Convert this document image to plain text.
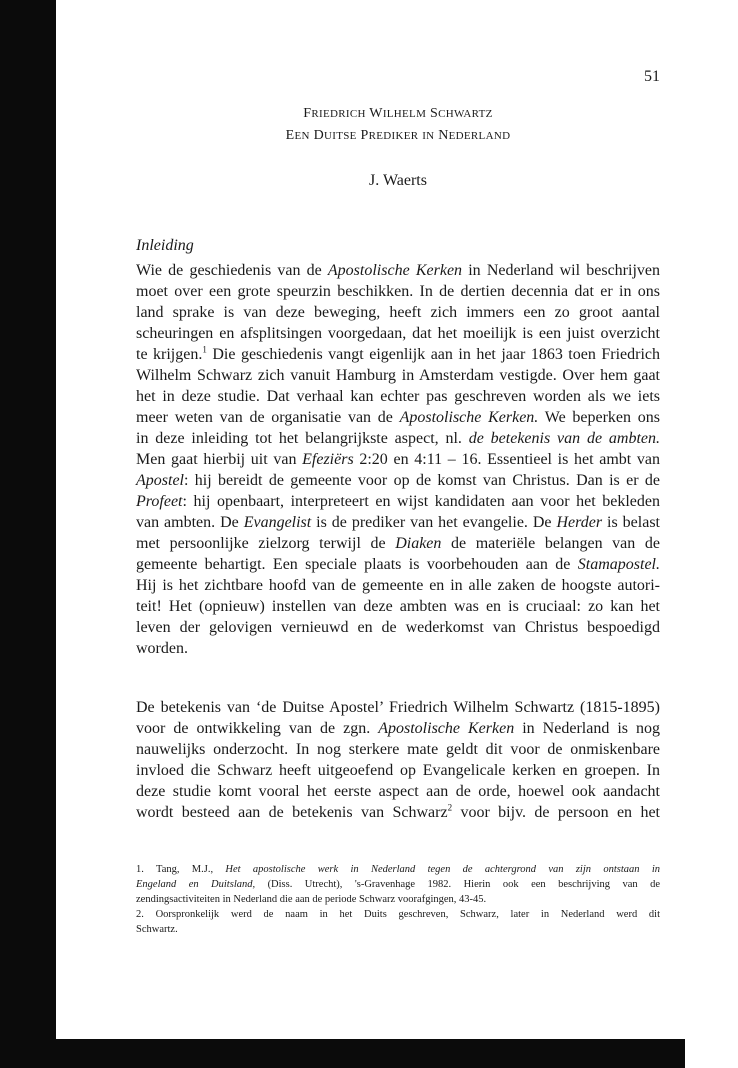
51
FRIEDRICH WILHELM SCHWARTZ
EEN DUITSE PREDIKER IN NEDERLAND
J. Waerts
Inleiding
Wie de geschiedenis van de Apostolische Kerken in Nederland wil beschrijven
moet over een grote speurzin beschikken. In de dertien decennia dat er in ons
land sprake is van deze beweging, heeft zich immers een zo groot aantal
scheuringen en afsplitsingen voorgedaan, dat het moeilijk is een juist overzicht
te krijgen.$^1$ Die geschiedenis vangt eigenlijk aan in het jaar 1863 toen Friedrich
Wilhelm Schwarz zich vanuit Hamburg in Amsterdam vestigde. Over hem gaat
het in deze studie. Dat verhaal kan echter pas geschreven worden als we iets
meer weten van de organisatie van de Apostolische Kerken. We beperken ons
in deze inleiding tot het belangrijkste aspect, nl. de betekenis van de ambten.
Men gaat hierbij uit van Efeziërs 2:20 en 4:11 – 16. Essentieel is het ambt van
Apostel: hij bereidt de gemeente voor op de komst van Christus. Dan is er de
Profeet: hij openbaart, interpreteert en wijst kandidaten aan voor het bekleden
van ambten. De Evangelist is de prediker van het evangelie. De Herder is belast
met persoonlijke zielzorg terwijl de Diaken de materiële belangen van de
gemeente behartigt. Een speciale plaats is voorbehouden aan de Stamapostel.
Hij is het zichtbare hoofd van de gemeente en in alle zaken de hoogste autori-
teit! Het (opnieuw) instellen van deze ambten was en is cruciaal: zo kan het
leven der gelovigen vernieuwd en de wederkomst van Christus bespoedigd
worden.
De betekenis van ‘de Duitse Apostel’ Friedrich Wilhelm Schwartz (1815-1895)
voor de ontwikkeling van de zgn. Apostolische Kerken in Nederland is nog
nauwelijks onderzocht. In nog sterkere mate geldt dit voor de onmiskenbare
invloed die Schwarz heeft uitgeoefend op Evangelicale kerken en groepen. In
deze studie komt vooral het eerste aspect aan de orde, hoewel ook aandacht
wordt besteed aan de betekenis van Schwarz$^2$ voor bijv. de persoon en het
1. Tang, M.J., Het apostolische werk in Nederland tegen de achtergrond van zijn ontstaan in
Engeland en Duitsland, (Diss. Utrecht), 's-Gravenhage 1982. Hierin ook een beschrijving van de
zendingsactiviteiten in Nederland die aan de periode Schwarz voorafgingen, 43-45.
2. Oorspronkelijk werd de naam in het Duits geschreven, Schwarz, later in Nederland werd dit
Schwartz.
